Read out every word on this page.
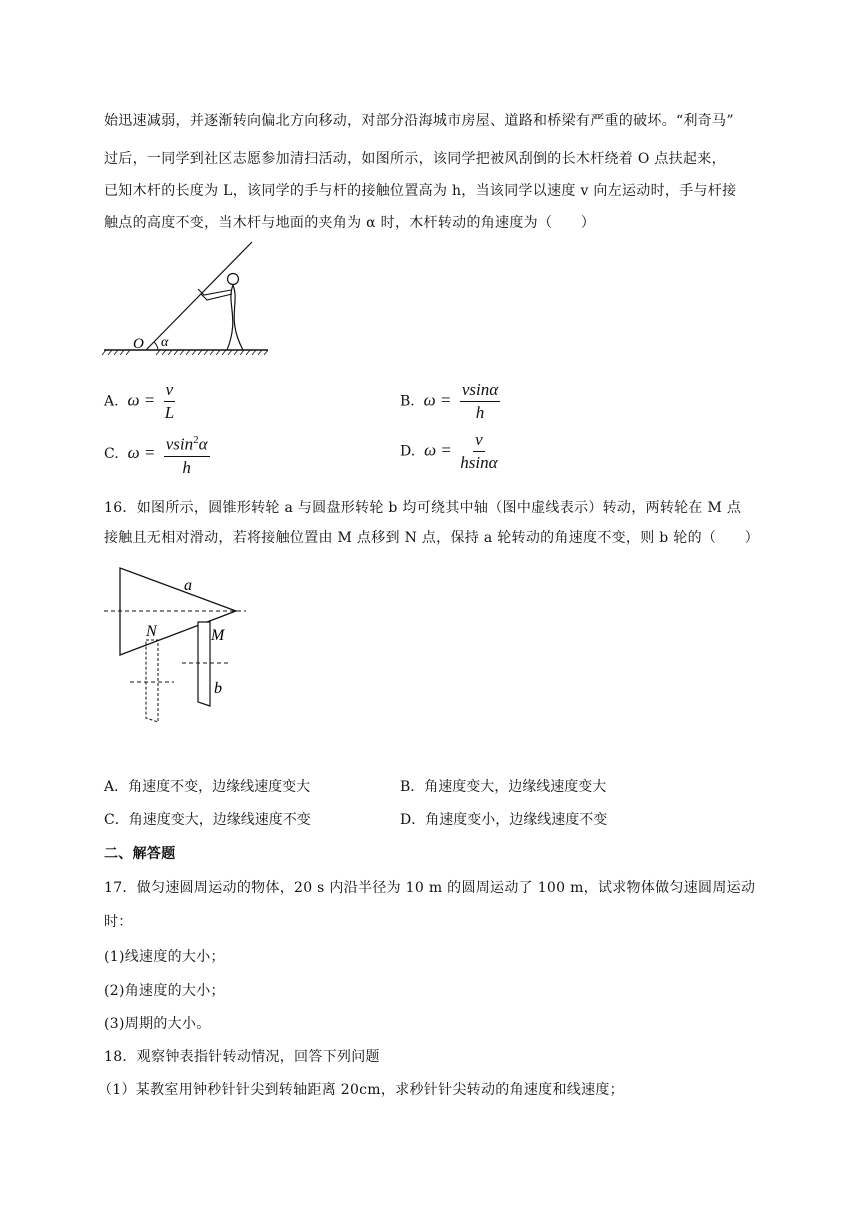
始迅速减弱，并逐渐转向偏北方向移动，对部分沿海城市房屋、道路和桥梁有严重的破坏。“利奇马”
过后，一同学到社区志愿参加清扫活动，如图所示，该同学把被风刮倒的长木杆绕着 O 点扶起来，
已知木杆的长度为 L，该同学的手与杆的接触位置高为 h，当该同学以速度 v 向左运动时，手与杆接
触点的高度不变，当木杆与地面的夹角为 α 时，木杆转动的角速度为（　　）
O α
A. $\omega = \frac{v}{L}$	B. $\omega = \frac{vsin\alpha}{h}$
C. $\omega = \frac{vsin^2\alpha}{h}$	D. $\omega = \frac{v}{hsin\alpha}$
16．如图所示，圆锥形转轮 a 与圆盘形转轮 b 均可绕其中轴（图中虚线表示）转动，两转轮在 M 点
接触且无相对滑动，若将接触位置由 M 点移到 N 点，保持 a 轮转动的角速度不变，则 b 轮的（　　）
a
N	M
b
A．角速度不变，边缘线速度变大	B．角速度变大，边缘线速度变大
C．角速度变大，边缘线速度不变	D．角速度变小，边缘线速度不变
二、解答题
17．做匀速圆周运动的物体，20 s 内沿半径为 10 m 的圆周运动了 100 m，试求物体做匀速圆周运动
时：
(1)线速度的大小；
(2)角速度的大小；
(3)周期的大小。
18．观察钟表指针转动情况，回答下列问题
（1）某教室用钟秒针针尖到转轴距离 20cm，求秒针针尖转动的角速度和线速度；
